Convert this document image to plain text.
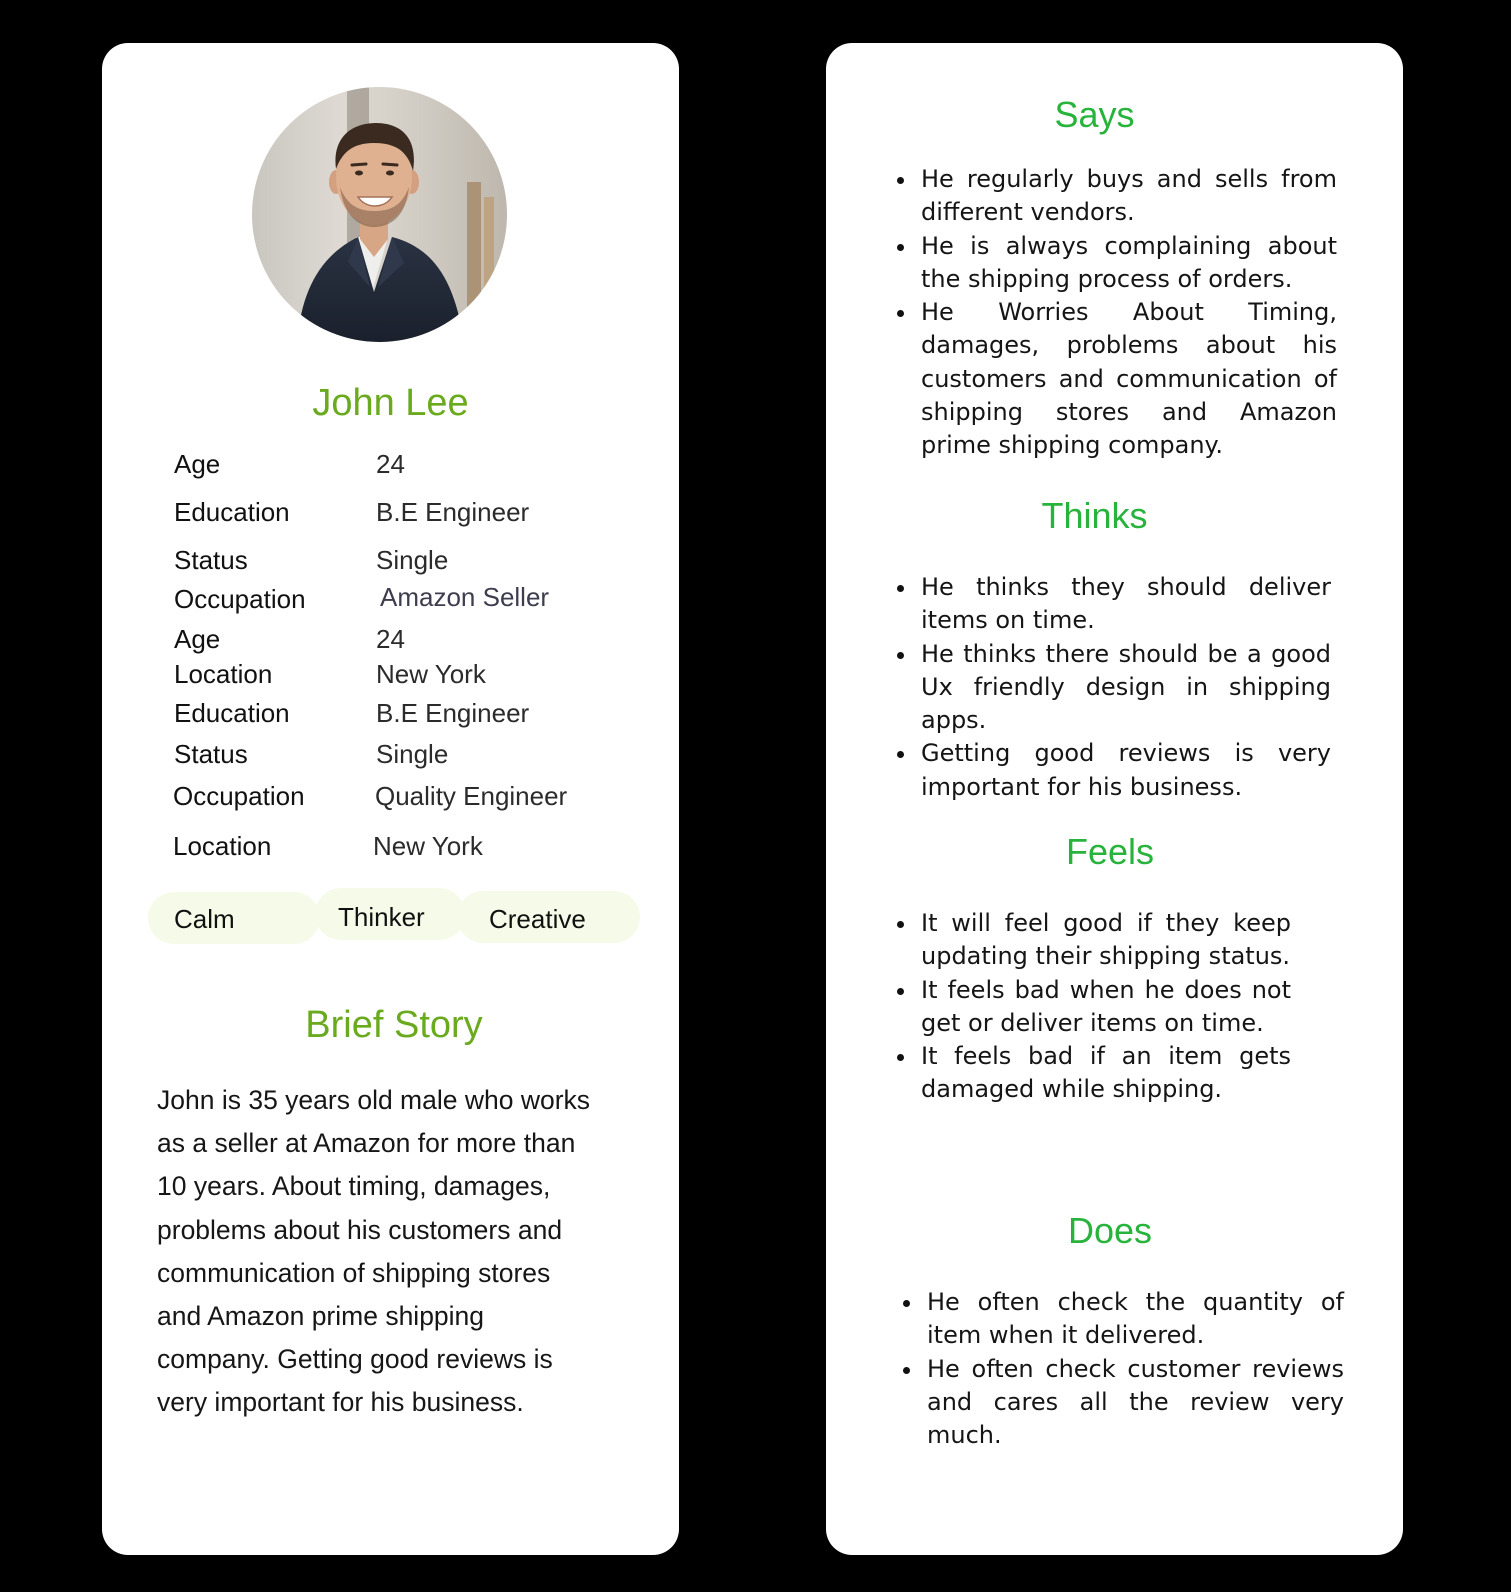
John Lee
Age	24
Education	B.E Engineer
Status	Single
Occupation	Amazon Seller
Age	24
Location	New York
Education	B.E Engineer
Status	Single
Occupation	Quality Engineer
Location	New York
Calm	Thinker Creative
Brief Story

John is 35 years old male who works
as a seller at Amazon for more than
10 years. About timing, damages,
problems about his customers and
communication of shipping stores
and Amazon prime shipping
company. Getting good reviews is
very important for his business.

Says
He regularly buys and sells from different vendors.
He is always complaining about the shipping process of orders.
He Worries About Timing, damages, problems about his customers and communication of shipping stores and Amazon prime shipping company.
Thinks
He thinks they should deliver items on time.
He thinks there should be a good Ux friendly design in shipping apps.
Getting good reviews is very important for his business.
Feels
It will feel good if they keep updating their shipping status.
It feels bad when he does not get or deliver items on time.
It feels bad if an item gets damaged while shipping.
Does
He often check the quantity of item when it delivered.
He often check customer reviews and cares all the review very much.
